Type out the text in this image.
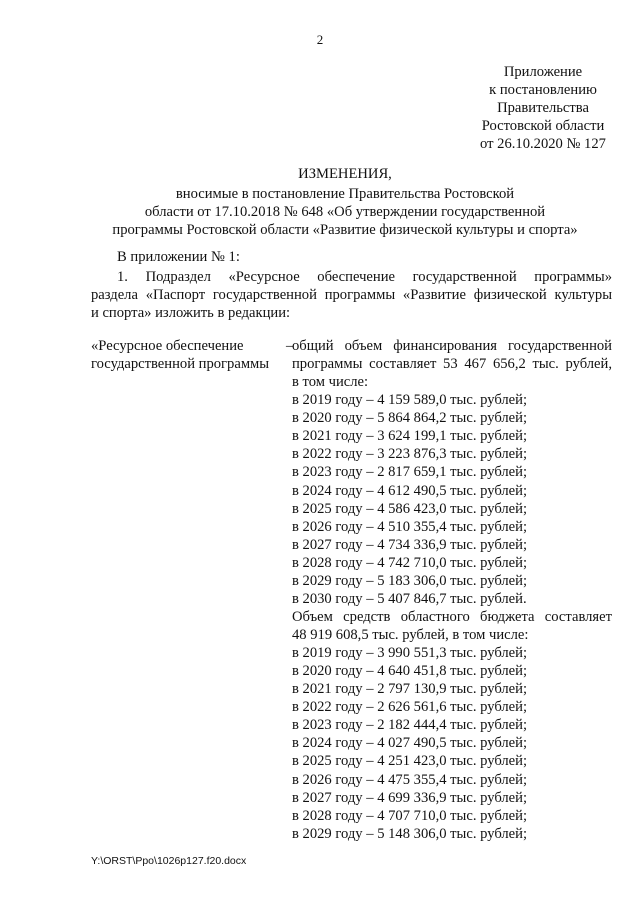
2
Приложение
к постановлению
Правительства
Ростовской области
от 26.10.2020 № 127
ИЗМЕНЕНИЯ,
вносимые в постановление Правительства Ростовской
области от 17.10.2018 № 648 «Об утверждении государственной
программы Ростовской области «Развитие физической культуры и спорта»
В приложении № 1:
1. Подраздел «Ресурсное обеспечение государственной программы»
раздела «Паспорт государственной программы «Развитие физической культуры
и спорта» изложить в редакции:
«Ресурсное обеспечение
государственной программы
–
общий объем финансирования государственной
программы составляет 53 467 656,2 тыс. рублей,
в том числе:
в 2019 году – 4 159 589,0 тыс. рублей;
в 2020 году – 5 864 864,2 тыс. рублей;
в 2021 году – 3 624 199,1 тыс. рублей;
в 2022 году – 3 223 876,3 тыс. рублей;
в 2023 году – 2 817 659,1 тыс. рублей;
в 2024 году – 4 612 490,5 тыс. рублей;
в 2025 году – 4 586 423,0 тыс. рублей;
в 2026 году – 4 510 355,4 тыс. рублей;
в 2027 году – 4 734 336,9 тыс. рублей;
в 2028 году – 4 742 710,0 тыс. рублей;
в 2029 году – 5 183 306,0 тыс. рублей;
в 2030 году – 5 407 846,7 тыс. рублей.
Объем средств областного бюджета составляет
48 919 608,5 тыс. рублей, в том числе:
в 2019 году – 3 990 551,3 тыс. рублей;
в 2020 году – 4 640 451,8 тыс. рублей;
в 2021 году – 2 797 130,9 тыс. рублей;
в 2022 году – 2 626 561,6 тыс. рублей;
в 2023 году – 2 182 444,4 тыс. рублей;
в 2024 году – 4 027 490,5 тыс. рублей;
в 2025 году – 4 251 423,0 тыс. рублей;
в 2026 году – 4 475 355,4 тыс. рублей;
в 2027 году – 4 699 336,9 тыс. рублей;
в 2028 году – 4 707 710,0 тыс. рублей;
в 2029 году – 5 148 306,0 тыс. рублей;
Y:\ORST\Ppo\1026p127.f20.docx
